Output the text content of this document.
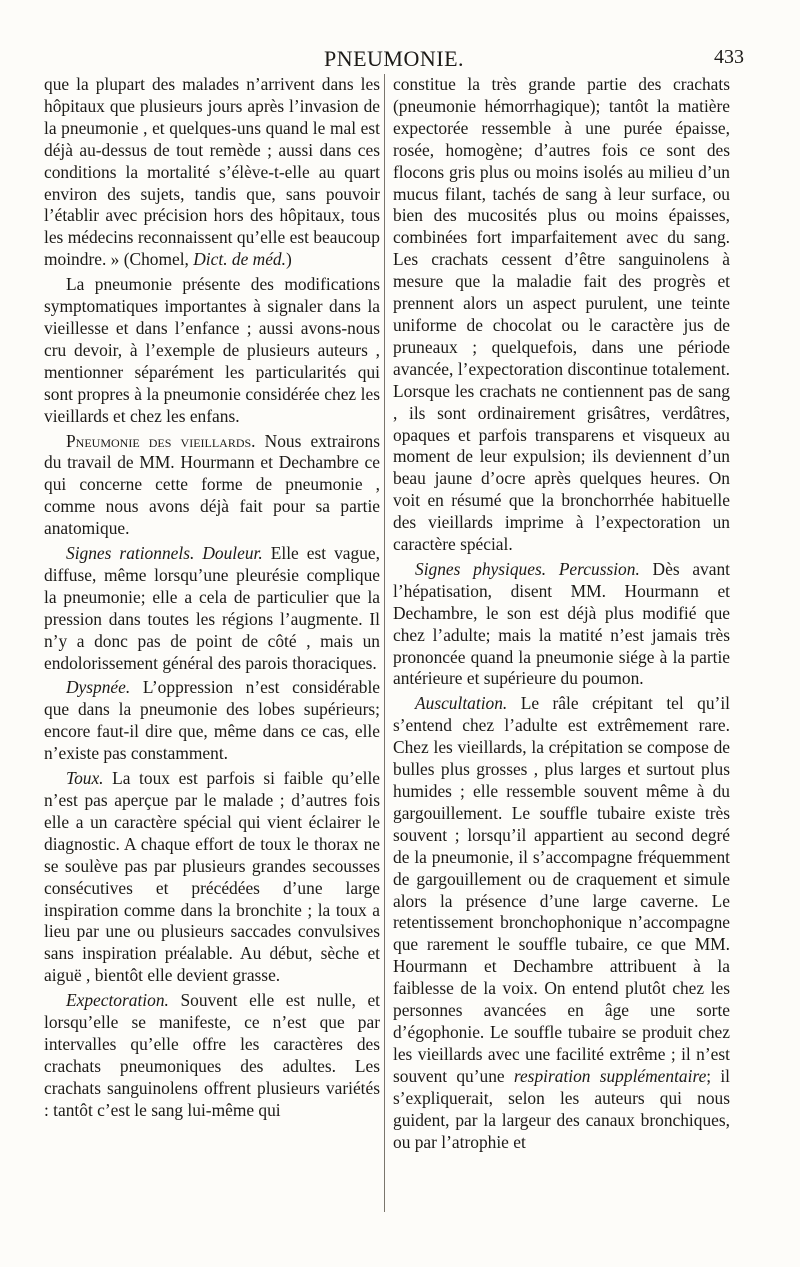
PNEUMONIE.	433

que la plupart des malades n’arrivent dans les hôpitaux que plusieurs jours après l’invasion de la pneumonie , et quelques-uns quand le mal est déjà au-dessus de tout remède ; aussi dans ces conditions la mortalité s’élève-t-elle au quart environ des sujets, tandis que, sans pouvoir l’établir avec précision hors des hôpitaux, tous les médecins reconnaissent qu’elle est beaucoup moindre. » (Chomel, Dict. de méd.)

La pneumonie présente des modifications symptomatiques importantes à signaler dans la vieillesse et dans l’enfance ; aussi avons-nous cru devoir, à l’exemple de plusieurs auteurs , mentionner séparément les particularités qui sont propres à la pneumonie considérée chez les vieillards et chez les enfans.

Pneumonie des vieillards. Nous extrairons du travail de MM. Hourmann et Dechambre ce qui concerne cette forme de pneumonie , comme nous avons déjà fait pour sa partie anatomique.

Signes rationnels. Douleur. Elle est vague, diffuse, même lorsqu’une pleurésie complique la pneumonie; elle a cela de particulier que la pression dans toutes les régions l’augmente. Il n’y a donc pas de point de côté , mais un endolorissement général des parois thoraciques.

Dyspnée. L’oppression n’est considérable que dans la pneumonie des lobes supérieurs; encore faut-il dire que, même dans ce cas, elle n’existe pas constamment.

Toux. La toux est parfois si faible qu’elle n’est pas aperçue par le malade ; d’autres fois elle a un caractère spécial qui vient éclairer le diagnostic. A chaque effort de toux le thorax ne se soulève pas par plusieurs grandes secousses consécutives et précédées d’une large inspiration comme dans la bronchite ; la toux a lieu par une ou plusieurs saccades convulsives sans inspiration préalable. Au début, sèche et aiguë , bientôt elle devient grasse.

Expectoration. Souvent elle est nulle, et lorsqu’elle se manifeste, ce n’est que par intervalles qu’elle offre les caractères des crachats pneumoniques des adultes. Les crachats sanguinolens offrent plusieurs variétés : tantôt c’est le sang lui-même qui

constitue la très grande partie des crachats (pneumonie hémorrhagique); tantôt la matière expectorée ressemble à une purée épaisse, rosée, homogène; d’autres fois ce sont des flocons gris plus ou moins isolés au milieu d’un mucus filant, tachés de sang à leur surface, ou bien des mucosités plus ou moins épaisses, combinées fort imparfaitement avec du sang. Les crachats cessent d’être sanguinolens à mesure que la maladie fait des progrès et prennent alors un aspect purulent, une teinte uniforme de chocolat ou le caractère jus de pruneaux ; quelquefois, dans une période avancée, l’expectoration discontinue totalement. Lorsque les crachats ne contiennent pas de sang , ils sont ordinairement grisâtres, verdâtres, opaques et parfois transparens et visqueux au moment de leur expulsion; ils deviennent d’un beau jaune d’ocre après quelques heures. On voit en résumé que la bronchorrhée habituelle des vieillards imprime à l’expectoration un caractère spécial.

Signes physiques. Percussion. Dès avant l’hépatisation, disent MM. Hourmann et Dechambre, le son est déjà plus modifié que chez l’adulte; mais la matité n’est jamais très prononcée quand la pneumonie siége à la partie antérieure et supérieure du poumon.

Auscultation. Le râle crépitant tel qu’il s’entend chez l’adulte est extrêmement rare. Chez les vieillards, la crépitation se compose de bulles plus grosses , plus larges et surtout plus humides ; elle ressemble souvent même à du gargouillement. Le souffle tubaire existe très souvent ; lorsqu’il appartient au second degré de la pneumonie, il s’accompagne fréquemment de gargouillement ou de craquement et simule alors la présence d’une large caverne. Le retentissement bronchophonique n’accompagne que rarement le souffle tubaire, ce que MM. Hourmann et Dechambre attribuent à la faiblesse de la voix. On entend plutôt chez les personnes avancées en âge une sorte d’égophonie. Le souffle tubaire se produit chez les vieillards avec une facilité extrême ; il n’est souvent qu’une respiration supplémentaire; il s’expliquerait, selon les auteurs qui nous guident, par la largeur des canaux bronchiques, ou par l’atrophie et
